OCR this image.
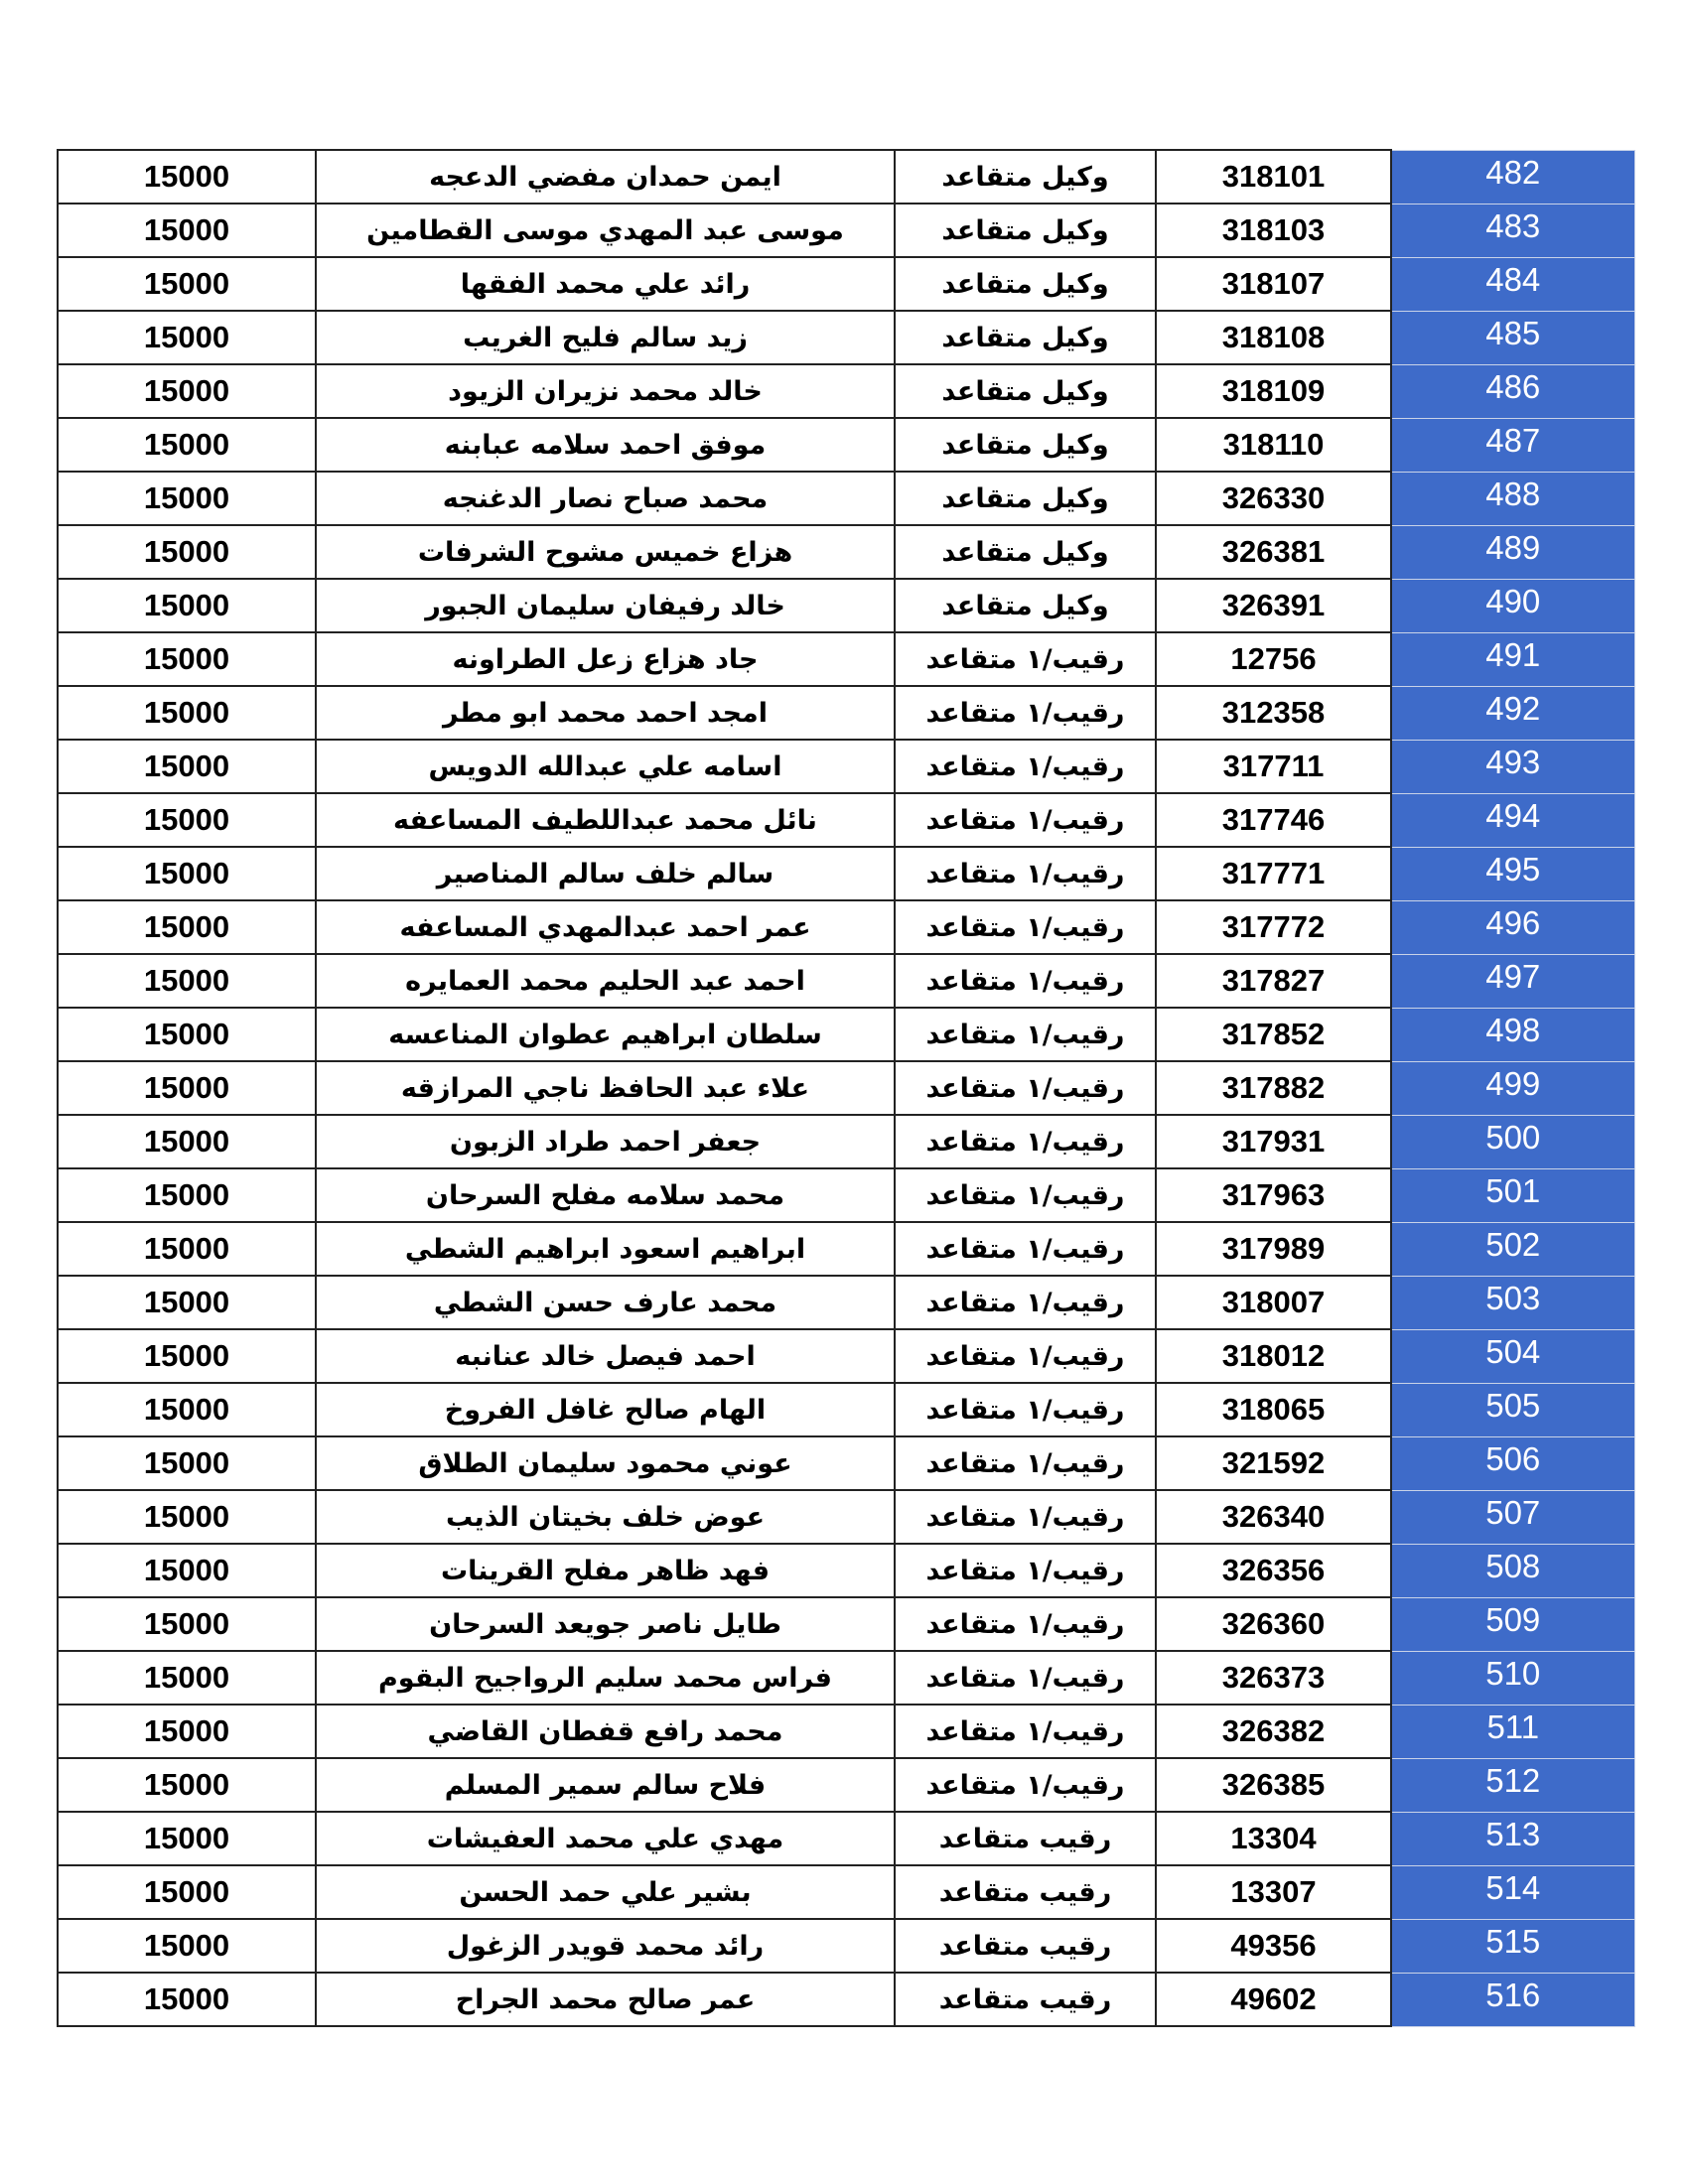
15000	ايمن حمدان مفضي الدعجه	وكيل متقاعد	318101	482
15000	موسى عبد المهدي موسى القطامين	وكيل متقاعد	318103	483
15000	رائد علي محمد الفقها	وكيل متقاعد	318107	484
15000	زيد سالم فليح الغريب	وكيل متقاعد	318108	485
15000	خالد محمد نزيران الزيود	وكيل متقاعد	318109	486
15000	موفق احمد سلامه عبابنه	وكيل متقاعد	318110	487
15000	محمد صباح نصار الدغنجه	وكيل متقاعد	326330	488
15000	هزاع خميس مشوح الشرفات	وكيل متقاعد	326381	489
15000	خالد رفيفان سليمان الجبور	وكيل متقاعد	326391	490
15000	جاد هزاع زعل الطراونه	رقيب/١ متقاعد	12756	491
15000	امجد احمد محمد ابو مطر	رقيب/١ متقاعد	312358	492
15000	اسامه علي عبدالله الدويس	رقيب/١ متقاعد	317711	493
15000	نائل محمد عبداللطيف المساعفه	رقيب/١ متقاعد	317746	494
15000	سالم خلف سالم المناصير	رقيب/١ متقاعد	317771	495
15000	عمر احمد عبدالمهدي المساعفه	رقيب/١ متقاعد	317772	496
15000	احمد عبد الحليم محمد العمايره	رقيب/١ متقاعد	317827	497
15000	سلطان ابراهيم عطوان المناعسه	رقيب/١ متقاعد	317852	498
15000	علاء عبد الحافظ ناجي المرازقه	رقيب/١ متقاعد	317882	499
15000	جعفر احمد طراد الزبون	رقيب/١ متقاعد	317931	500
15000	محمد سلامه مفلح السرحان	رقيب/١ متقاعد	317963	501
15000	ابراهيم اسعود ابراهيم الشطي	رقيب/١ متقاعد	317989	502
15000	محمد عارف حسن الشطي	رقيب/١ متقاعد	318007	503
15000	احمد فيصل خالد عنانبه	رقيب/١ متقاعد	318012	504
15000	الهام صالح غافل الفروخ	رقيب/١ متقاعد	318065	505
15000	عوني محمود سليمان الطلاق	رقيب/١ متقاعد	321592	506
15000	عوض خلف بخيتان الذيب	رقيب/١ متقاعد	326340	507
15000	فهد ظاهر مفلح القرينات	رقيب/١ متقاعد	326356	508
15000	طايل ناصر جويعد السرحان	رقيب/١ متقاعد	326360	509
15000	فراس محمد سليم الرواجيح البقوم	رقيب/١ متقاعد	326373	510
15000	محمد رافع قفطان القاضي	رقيب/١ متقاعد	326382	511
15000	فلاح سالم سمير المسلم	رقيب/١ متقاعد	326385	512
15000	مهدي علي محمد العفيشات	رقيب متقاعد	13304	513
15000	بشير علي حمد الحسن	رقيب متقاعد	13307	514
15000	رائد محمد قويدر الزغول	رقيب متقاعد	49356	515
15000	عمر صالح محمد الجراح	رقيب متقاعد	49602	516
